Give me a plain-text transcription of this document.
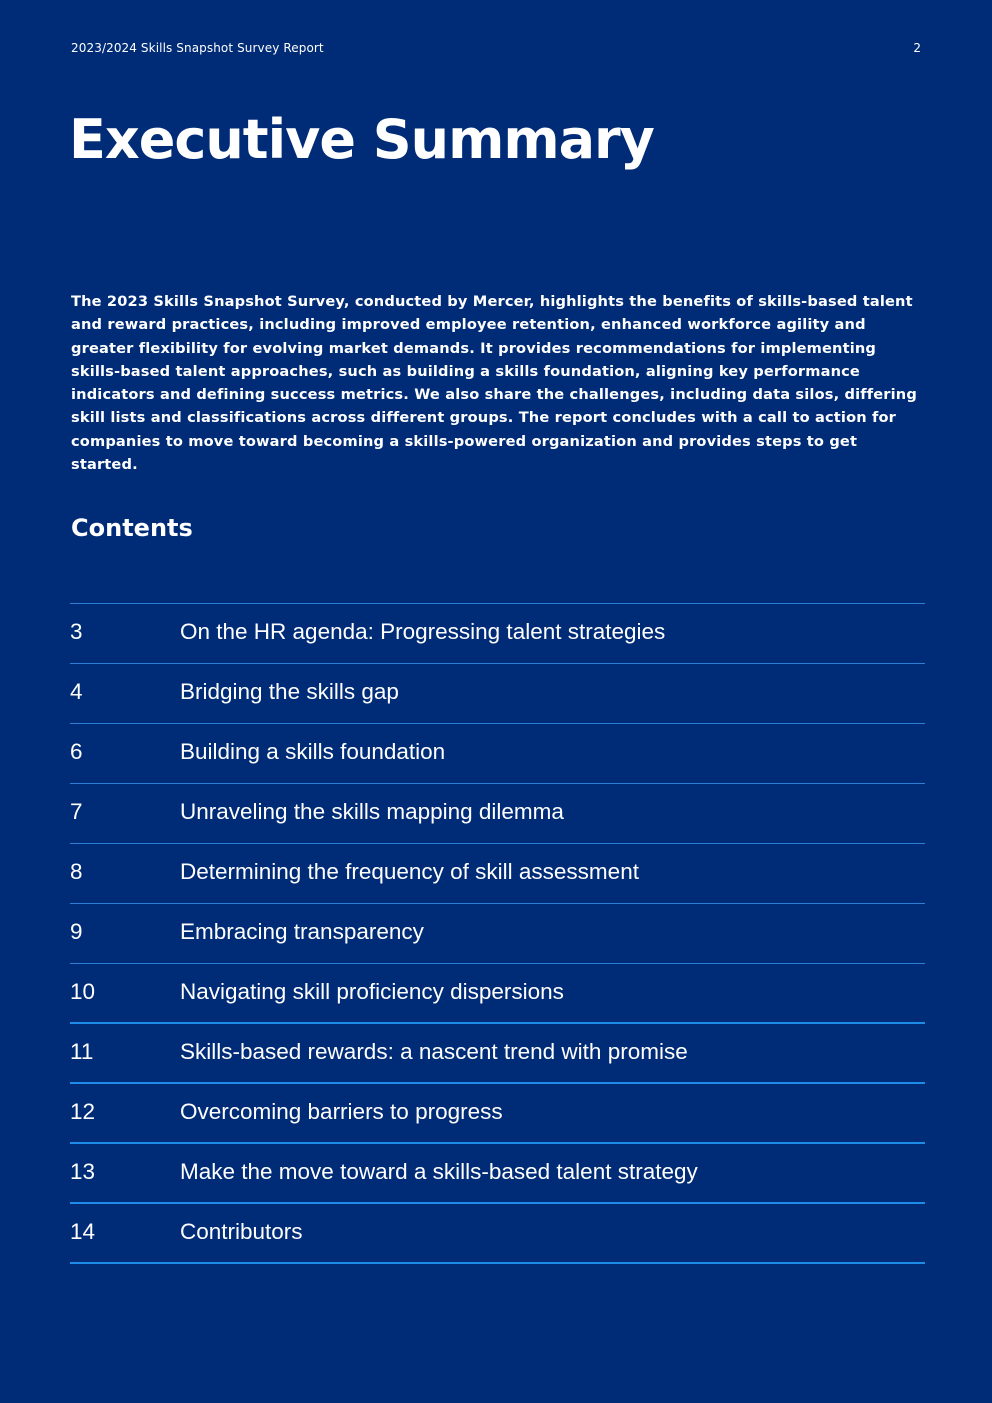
2023/2024 Skills Snapshot Survey Report	2
Executive Summary

The 2023 Skills Snapshot Survey, conducted by Mercer, highlights the benefits of skills-based talent and reward practices, including improved employee retention, enhanced workforce agility and greater flexibility for evolving market demands. It provides recommendations for implementing skills-based talent approaches, such as building a skills foundation, aligning key performance indicators and defining success metrics. We also share the challenges, including data silos, differing skill lists and classifications across different groups. The report concludes with a call to action for companies to move toward becoming a skills-powered organization and provides steps to get started.

Contents
3	On the HR agenda: Progressing talent strategies
4	Bridging the skills gap
6	Building a skills foundation
7	Unraveling the skills mapping dilemma
8	Determining the frequency of skill assessment
9	Embracing transparency
10	Navigating skill proficiency dispersions
11	Skills-based rewards: a nascent trend with promise
12	Overcoming barriers to progress
13	Make the move toward a skills-based talent strategy
14	Contributors
